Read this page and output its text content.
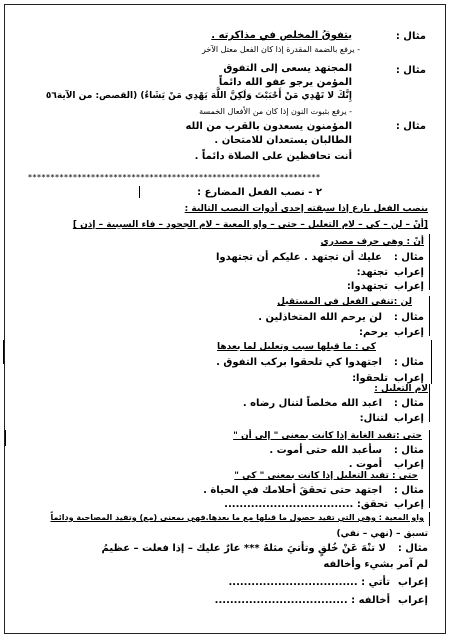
مثال :
يتفوقُ المخلص في مذاكرته .
- يرفع بالضمة المقدرة إذا كان الفعل معتل الآخر
مثال :
المجتهد يسعى إلى التفوق
المؤمن يرجو عفو الله دائماً
إِنَّكَ لا تَهْدِي مَنْ أَحْبَبْتَ وَلَكِنَّ اللَّهَ يَهْدِي مَنْ يَشَاءُ) (القصص: من الآية٥٦
- يرفع بثبوت النون إذا كان من الأفعال الخمسة
مثال :
المؤمنون يسعدون بالقرب من الله
الطالبان يستعدان للامتحان .
أنت تحافظين على الصلاة دائماً .
*****************************************************************
٢ - نصب الفعل المضارع :
ينصب الفعل ىارع إذا سبقته إحدى أدوات النصب التالية :
[أنْ – لن – كي – لام التعليل – حتى – واو المعية – لام الجحود – فاء السببية – إذن ]
أنْ : وهي حرف مصدري
مثال :
عليك أن تجتهد . عليكم أن تجتهدوا
إعراب
تجتهد:
إعراب
تجتهدوا:
لن :تنفي الفعل في المستقبل
مثال :
لن يرحم الله المتخاذلين .
إعراب
يرحم:
كي : ما قبلها سبب وتعليل لما بعدها
مثال :
اجتهدوا كي تلحقوا بركب التفوق .
إعراب
تلحقوا:
لام التعليل :
مثال :
اعبد الله مخلصاً لتنال رضاه .
إعراب
لتنال:
حتى :تفيد الغاية إذا كانت بمعنى " إلى أن "
مثال :
سأعبد الله حتى أموت .
إعراب
أموت .
حتى : تفيد التعليل إذا كانت بمعنى " كي "
مثال :
اجتهد حتى تحققَ أحلامك في الحياة .
إعراب
تحقق: ..................................
واو المعية : وهي التي تفيد حصول ما قبلها مع ما بعدها.فهي بمعنى (مع) وتفيد المصاحبة ودائماً
تسبق – (نهي – نفي)
مثال :
لا تنْهَ عَنْ خُلقٍ وتأتيَ مثلهُ *** عارٌ عليك – إذا فعلت – عظيمُ
لم آمر بشيء وأخالفه
إعراب
تأتي : ..................................
إعراب
أخالفه : ...................................
